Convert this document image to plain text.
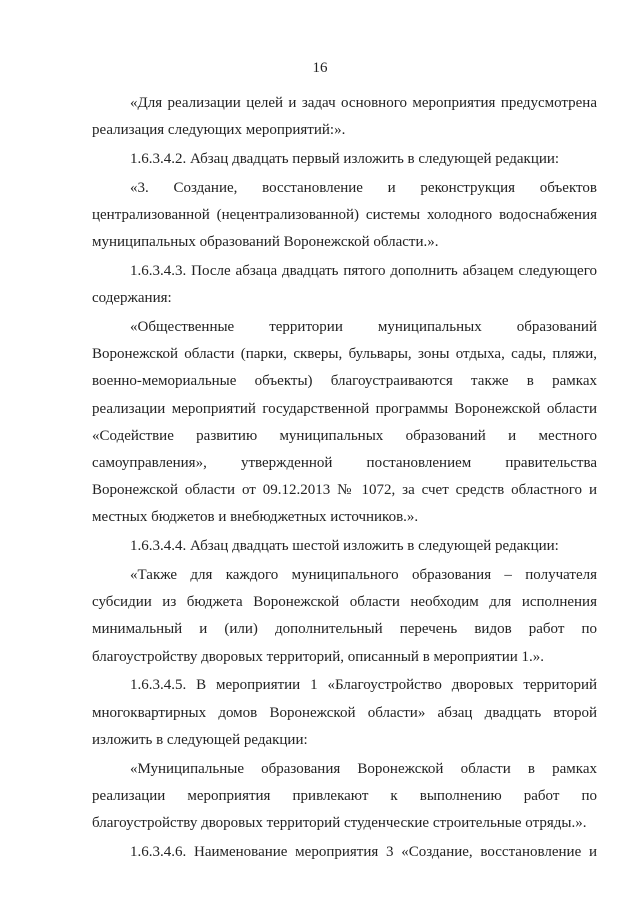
16
«Для реализации целей и задач основного мероприятия предусмотрена
реализация следующих мероприятий:».
1.6.3.4.2. Абзац двадцать первый изложить в следующей редакции:
«3. Создание, восстановление и реконструкция объектов
централизованной (нецентрализованной) системы холодного водоснабжения
муниципальных образований Воронежской области.».
1.6.3.4.3. После абзаца двадцать пятого дополнить абзацем следующего
содержания:
«Общественные территории муниципальных образований
Воронежской области (парки, скверы, бульвары, зоны отдыха, сады, пляжи,
военно-мемориальные объекты) благоустраиваются также в рамках
реализации мероприятий государственной программы Воронежской области
«Содействие развитию муниципальных образований и местного
самоуправления», утвержденной постановлением правительства
Воронежской области от 09.12.2013 № 1072, за счет средств областного и
местных бюджетов и внебюджетных источников.».
1.6.3.4.4. Абзац двадцать шестой изложить в следующей редакции:
«Также для каждого муниципального образования – получателя
субсидии из бюджета Воронежской области необходим для исполнения
минимальный и (или) дополнительный перечень видов работ по
благоустройству дворовых территорий, описанный в мероприятии 1.».
1.6.3.4.5. В мероприятии 1 «Благоустройство дворовых территорий
многоквартирных домов Воронежской области» абзац двадцать второй
изложить в следующей редакции:
«Муниципальные образования Воронежской области в рамках
реализации мероприятия привлекают к выполнению работ по
благоустройству дворовых территорий студенческие строительные отряды.».
1.6.3.4.6. Наименование мероприятия 3 «Создание, восстановление и
